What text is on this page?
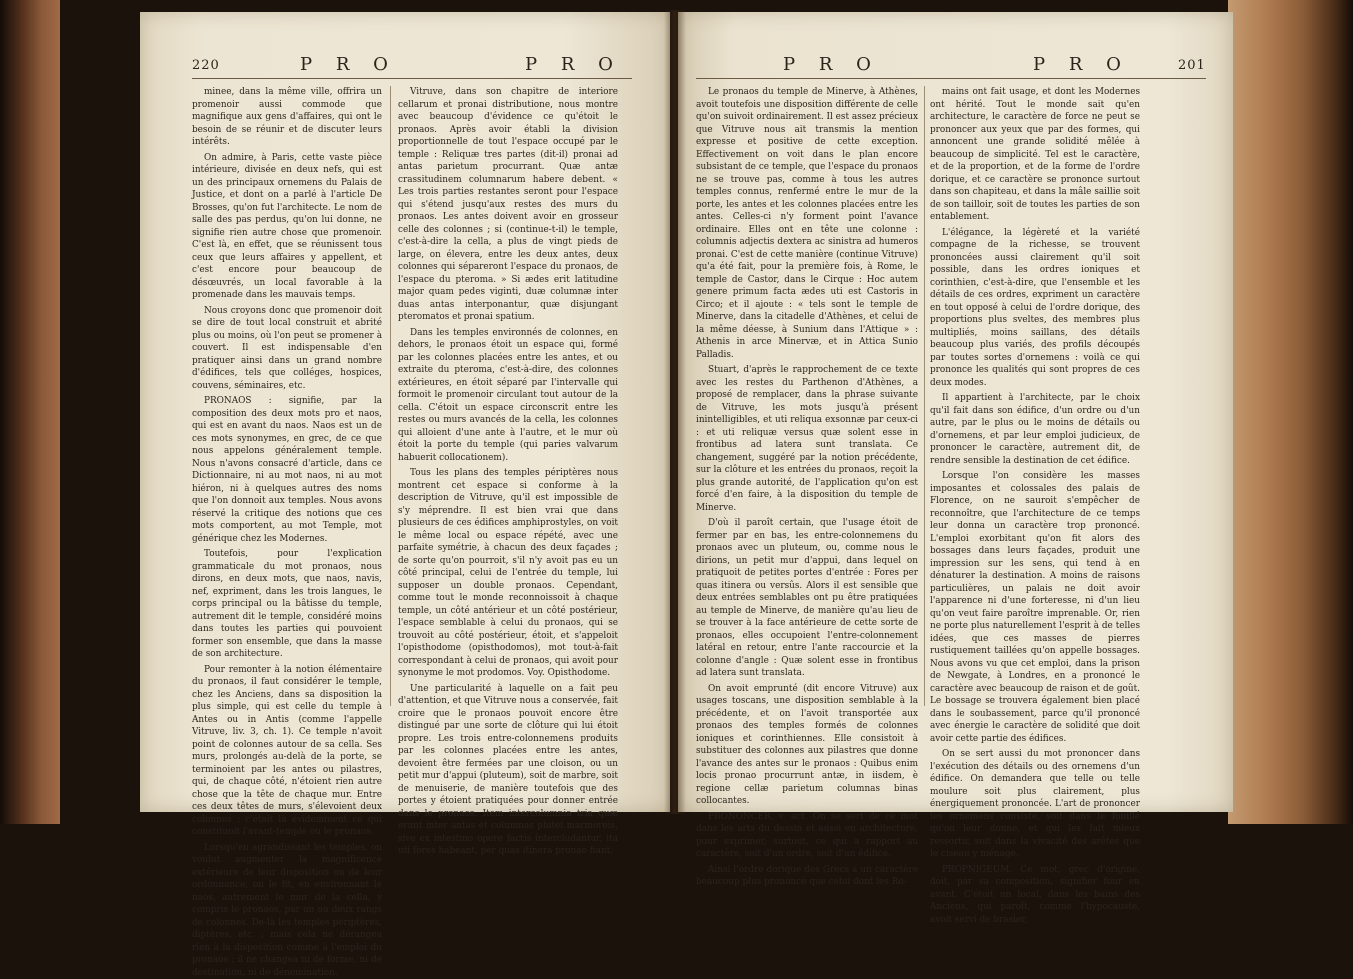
220	P R O	P R O

minee, dans la même ville, offrira un promenoir aussi commode que magnifique aux gens d'affaires, qui ont le besoin de se réunir et de discuter leurs intérêts.

On admire, à Paris, cette vaste pièce intérieure, divisée en deux nefs, qui est un des principaux ornemens du Palais de Justice, et dont on a parlé à l'article De Brosses, qu'on fut l'architecte. Le nom de salle des pas perdus, qu'on lui donne, ne signifie rien autre chose que promenoir. C'est là, en effet, que se réunissent tous ceux que leurs affaires y appellent, et c'est encore pour beaucoup de désœuvrés, un local favorable à la promenade dans les mauvais temps.

Nous croyons donc que promenoir doit se dire de tout local construit et abrité plus ou moins, où l'on peut se promener à couvert. Il est indispensable d'en pratiquer ainsi dans un grand nombre d'édifices, tels que colléges, hospices, couvens, séminaires, etc.

PRONAOS : signifie, par la composition des deux mots pro et naos, qui est en avant du naos. Naos est un de ces mots synonymes, en grec, de ce que nous appelons généralement temple. Nous n'avons consacré d'article, dans ce Dictionnaire, ni au mot naos, ni au mot hiéron, ni à quelques autres des noms que l'on donnoit aux temples. Nous avons réservé la critique des notions que ces mots comportent, au mot Temple, mot générique chez les Modernes.

Toutefois, pour l'explication grammaticale du mot pronaos, nous dirons, en deux mots, que naos, navis, nef, expriment, dans les trois langues, le corps principal ou la bâtisse du temple, autrement dit le temple, considéré moins dans toutes les parties qui pouvoient former son ensemble, que dans la masse de son architecture.

Pour remonter à la notion élémentaire du pronaos, il faut considérer le temple, chez les Anciens, dans sa disposition la plus simple, qui est celle du temple à Antes ou in Antis (comme l'appelle Vitruve, liv. 3, ch. 1). Ce temple n'avoit point de colonnes autour de sa cella. Ses murs, prolongés au-delà de la porte, se terminoient par les antes ou pilastres, qui, de chaque côté, n'étoient rien autre chose que la tête de chaque mur. Entre ces deux têtes de murs, s'élevoient deux colonnes : c'étoit là évidemment ce qui constituoit l'avant-temple ou le pronaos.

Lorsqu'en agrandissant les temples, on voulut augmenter la magnificence extérieure de leur disposition ou de leur ordonnance, on le fit, en environnant le naos, autrement le mur de la cella, y compris le pronaos, par un ou deux rangs de colonnes. De-là les temples périptères, diptères, etc. ; mais cela ne dérangea rien à la disposition comme à l'emploi du pronaos ; il ne changea ni de forme, ni de destination, ni de dénomination.

Vitruve, dans son chapitre de interiore cellarum et pronai distributione, nous montre avec beaucoup d'évidence ce qu'étoit le pronaos. Après avoir établi la division proportionnelle de tout l'espace occupé par le temple : Reliquæ tres partes (dit-il) pronai ad antas parietum procurrant. Quæ antæ crassitudinem columnarum habere debent. « Les trois parties restantes seront pour l'espace qui s'étend jusqu'aux restes des murs du pronaos. Les antes doivent avoir en grosseur celle des colonnes ; si (continue-t-il) le temple, c'est-à-dire la cella, a plus de vingt pieds de large, on élevera, entre les deux antes, deux colonnes qui sépareront l'espace du pronaos, de l'espace du pteroma. » Si ædes erit latitudine major quam pedes viginti, duæ columnæ inter duas antas interponantur, quæ disjungant pteromatos et pronai spatium.

Dans les temples environnés de colonnes, en dehors, le pronaos étoit un espace qui, formé par les colonnes placées entre les antes, et ou extraite du pteroma, c'est-à-dire, des colonnes extérieures, en étoit séparé par l'intervalle qui formoit le promenoir circulant tout autour de la cella. C'étoit un espace circonscrit entre les restes ou murs avancés de la cella, les colonnes qui alloient d'une ante à l'autre, et le mur où étoit la porte du temple (qui paries valvarum habuerit collocationem).

Tous les plans des temples périptères nous montrent cet espace si conforme à la description de Vitruve, qu'il est impossible de s'y méprendre. Il est bien vrai que dans plusieurs de ces édifices amphiprostyles, on voit le même local ou espace répété, avec une parfaite symétrie, à chacun des deux façades ; de sorte qu'on pourroit, s'il n'y avoit pas eu un côté principal, celui de l'entrée du temple, lui supposer un double pronaos. Cependant, comme tout le monde reconnoissoit à chaque temple, un côté antérieur et un côté postérieur, l'espace semblable à celui du pronaos, qui se trouvoit au côté postérieur, étoit, et s'appeloit l'opisthodome (opisthodomos), mot tout-à-fait correspondant à celui de pronaos, qui avoit pour synonyme le mot prodomos. Voy. Opisthodome.

Une particularité à laquelle on a fait peu d'attention, et que Vitruve nous a conservée, fait croire que le pronaos pouvoit encore être distingué par une sorte de clôture qui lui étoit propre. Les trois entre-colonnemens produits par les colonnes placées entre les antes, devoient être fermées par une cloison, ou un petit mur d'appui (pluteum), soit de marbre, soit de menuiserie, de manière toutefois que des portes y étoient pratiquées pour donner entrée dans le pronaos. Item intercolumnia tria quæ erunt inter antas et columnas plutei marmoreis, sive ex intestino opere factis intercludantur, ita uti fores habeant, per quas itinera pronao fiant.

P R O	P R O	201

Le pronaos du temple de Minerve, à Athènes, avoit toutefois une disposition différente de celle qu'on suivoit ordinairement. Il est assez précieux que Vitruve nous ait transmis la mention expresse et positive de cette exception. Effectivement on voit dans le plan encore subsistant de ce temple, que l'espace du pronaos ne se trouve pas, comme à tous les autres temples connus, renfermé entre le mur de la porte, les antes et les colonnes placées entre les antes. Celles-ci n'y forment point l'avance ordinaire. Elles ont en tête une colonne : columnis adjectis dextera ac sinistra ad humeros pronai. C'est de cette manière (continue Vitruve) qu'a été fait, pour la première fois, à Rome, le temple de Castor, dans le Cirque : Hoc autem genere primum facta ædes uti est Castoris in Circo; et il ajoute : « tels sont le temple de Minerve, dans la citadelle d'Athènes, et celui de la même déesse, à Sunium dans l'Attique » : Athenis in arce Minervæ, et in Attica Sunio Palladis.

Stuart, d'après le rapprochement de ce texte avec les restes du Parthenon d'Athènes, a proposé de remplacer, dans la phrase suivante de Vitruve, les mots jusqu'à présent inintelligibles, et uti reliqua exsonnæ par ceux-ci : et uti reliquæ versus quæ solent esse in frontibus ad latera sunt translata. Ce changement, suggéré par la notion précédente, sur la clôture et les entrées du pronaos, reçoit la plus grande autorité, de l'application qu'on est forcé d'en faire, à la disposition du temple de Minerve.

D'où il paroît certain, que l'usage étoit de fermer par en bas, les entre-colonnemens du pronaos avec un pluteum, ou, comme nous le dirions, un petit mur d'appui, dans lequel on pratiquoit de petites portes d'entrée : Fores per quas itinera ou versûs. Alors il est sensible que deux entrées semblables ont pu être pratiquées au temple de Minerve, de manière qu'au lieu de se trouver à la face antérieure de cette sorte de pronaos, elles occupoient l'entre-colonnement latéral en retour, entre l'ante raccourcie et la colonne d'angle : Quæ solent esse in frontibus ad latera sunt translata.

On avoit emprunté (dit encore Vitruve) aux usages toscans, une disposition semblable à la précédente, et on l'avoit transportée aux pronaos des temples formés de colonnes ioniques et corinthiennes. Elle consistoit à substituer des colonnes aux pilastres que donne l'avance des antes sur le pronaos : Quibus enim locis pronao procurrunt antæ, in iisdem, è regione cellæ parietum columnas binas collocantes.

PRONONCER, v. act. On se sert de ce mot dans les arts du dessin et aussi en architecture, pour exprimer, surtout, ce qui a rapport au caractère, soit d'un ordre, soit d'un édifice.

Ainsi l'ordre dorique des Grecs a un caractère beaucoup plus prononcé que celui dont les Ro-

mains ont fait usage, et dont les Modernes ont hérité. Tout le monde sait qu'en architecture, le caractère de force ne peut se prononcer aux yeux que par des formes, qui annoncent une grande solidité mêlée à beaucoup de simplicité. Tel est le caractère, et de la proportion, et de la forme de l'ordre dorique, et ce caractère se prononce surtout dans son chapiteau, et dans la mâle saillie soit de son tailloir, soit de toutes les parties de son entablement.

L'élégance, la légèreté et la variété compagne de la richesse, se trouvent prononcées aussi clairement qu'il soit possible, dans les ordres ioniques et corinthien, c'est-à-dire, que l'ensemble et les détails de ces ordres, expriment un caractère en tout opposé à celui de l'ordre dorique, des proportions plus sveltes, des membres plus multipliés, moins saillans, des détails beaucoup plus variés, des profils découpés par toutes sortes d'ornemens : voilà ce qui prononce les qualités qui sont propres de ces deux modes.

Il appartient à l'architecte, par le choix qu'il fait dans son édifice, d'un ordre ou d'un autre, par le plus ou le moins de détails ou d'ornemens, et par leur emploi judicieux, de prononcer le caractère, autrement dit, de rendre sensible la destination de cet édifice.

Lorsque l'on considère les masses imposantes et colossales des palais de Florence, on ne sauroit s'empêcher de reconnoître, que l'architecture de ce temps leur donna un caractère trop prononcé. L'emploi exorbitant qu'on fit alors des bossages dans leurs façades, produit une impression sur les sens, qui tend à en dénaturer la destination. A moins de raisons particulières, un palais ne doit avoir l'apparence ni d'une forteresse, ni d'un lieu qu'on veut faire paroître imprenable. Or, rien ne porte plus naturellement l'esprit à de telles idées, que ces masses de pierres rustiquement taillées qu'on appelle bossages. Nous avons vu que cet emploi, dans la prison de Newgate, à Londres, en a prononcé le caractère avec beaucoup de raison et de goût. Le bossage se trouvera également bien placé dans le soubassement, parce qu'il prononcé avec énergie le caractère de solidité que doit avoir cette partie des édifices.

On se sert aussi du mot prononcer dans l'exécution des détails ou des ornemens d'un édifice. On demandera que telle ou telle moulure soit plus clairement, plus énergiquement prononcée. L'art de prononcer les ornemens consiste, soit dans le fouillé qu'on leur donne, et qui les fait mieux ressortir, soit dans la vivacité des arêtes que le ciseau y ménage.

PROPNIGEUM. Ce mot, grec d'origine, doit, par sa composition, signifier four en avant. C'étoit un local, dans les bains des Anciens, qui paroît, comme l'hypocauste, avoit servi de brasier,
